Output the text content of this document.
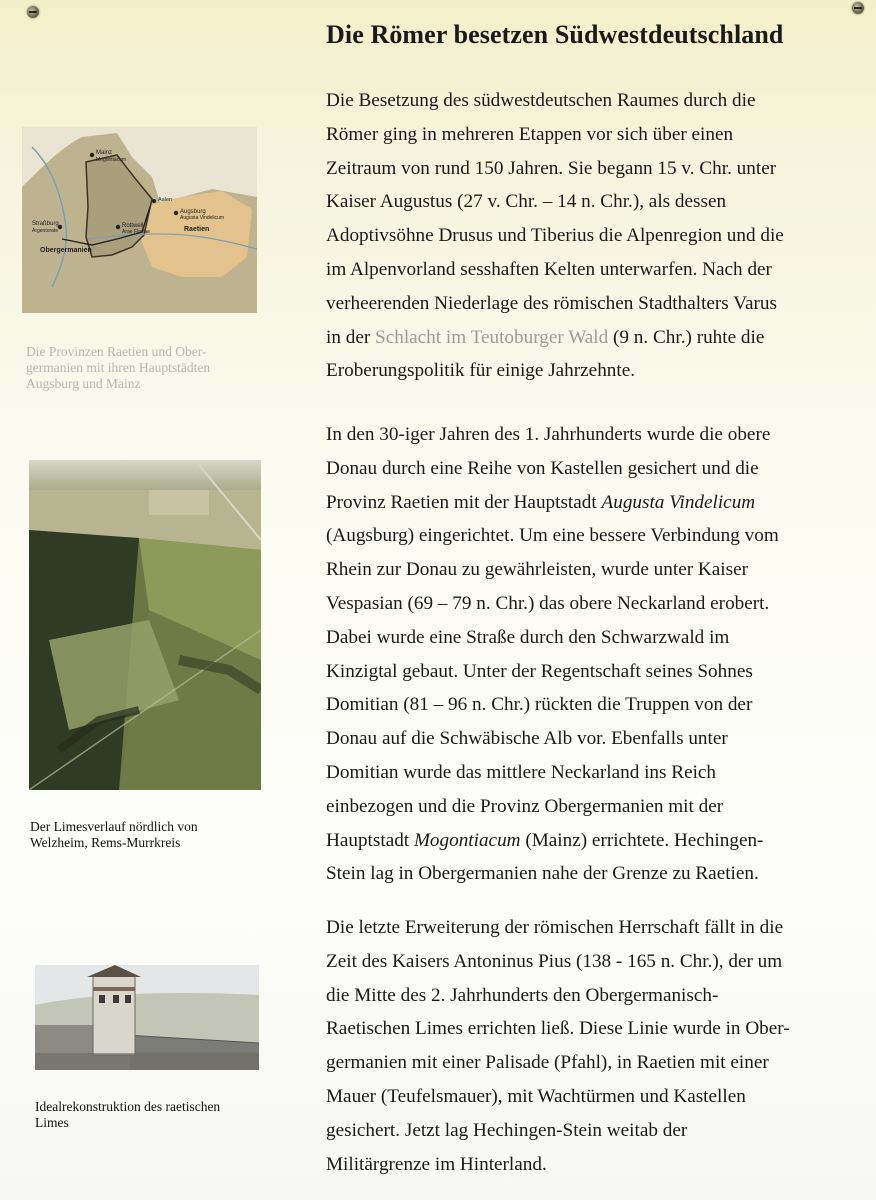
Die Römer besetzen Südwestdeutschland
Mainz
Mogontiacum
Straßburg
Argentorate
Rottweil
Arae Flaviae
Augsburg
Augusta Vindelicum
Aalen
Raetien
Obergermanien
Die Provinzen Raetien und Ober-
germanien mit ihren Hauptstädten
Augsburg und Mainz
Der Limesverlauf nördlich von
Welzheim, Rems-Murrkreis
Idealrekonstruktion des raetischen
Limes
Die Besetzung des südwestdeutschen Raumes durch die
Römer ging in mehreren Etappen vor sich über einen
Zeitraum von rund 150 Jahren. Sie begann 15 v. Chr. unter
Kaiser Augustus (27 v. Chr. – 14 n. Chr.), als dessen
Adoptivsöhne Drusus und Tiberius die Alpenregion und die
im Alpenvorland sesshaften Kelten unterwarfen. Nach der
verheerenden Niederlage des römischen Stadthalters Varus
in der Schlacht im Teutoburger Wald (9 n. Chr.) ruhte die
Eroberungspolitik für einige Jahrzehnte.
In den 30-iger Jahren des 1. Jahrhunderts wurde die obere
Donau durch eine Reihe von Kastellen gesichert und die
Provinz Raetien mit der Hauptstadt Augusta Vindelicum
(Augsburg) eingerichtet. Um eine bessere Verbindung vom
Rhein zur Donau zu gewährleisten, wurde unter Kaiser
Vespasian (69 – 79 n. Chr.) das obere Neckarland erobert.
Dabei wurde eine Straße durch den Schwarzwald im
Kinzigtal gebaut. Unter der Regentschaft seines Sohnes
Domitian (81 – 96 n. Chr.) rückten die Truppen von der
Donau auf die Schwäbische Alb vor. Ebenfalls unter
Domitian wurde das mittlere Neckarland ins Reich
einbezogen und die Provinz Obergermanien mit der
Hauptstadt Mogontiacum (Mainz) errichtete. Hechingen-
Stein lag in Obergermanien nahe der Grenze zu Raetien.
Die letzte Erweiterung der römischen Herrschaft fällt in die
Zeit des Kaisers Antoninus Pius (138 - 165 n. Chr.), der um
die Mitte des 2. Jahrhunderts den Obergermanisch-
Raetischen Limes errichten ließ. Diese Linie wurde in Ober-
germanien mit einer Palisade (Pfahl), in Raetien mit einer
Mauer (Teufelsmauer), mit Wachtürmen und Kastellen
gesichert. Jetzt lag Hechingen-Stein weitab der
Militärgrenze im Hinterland.
